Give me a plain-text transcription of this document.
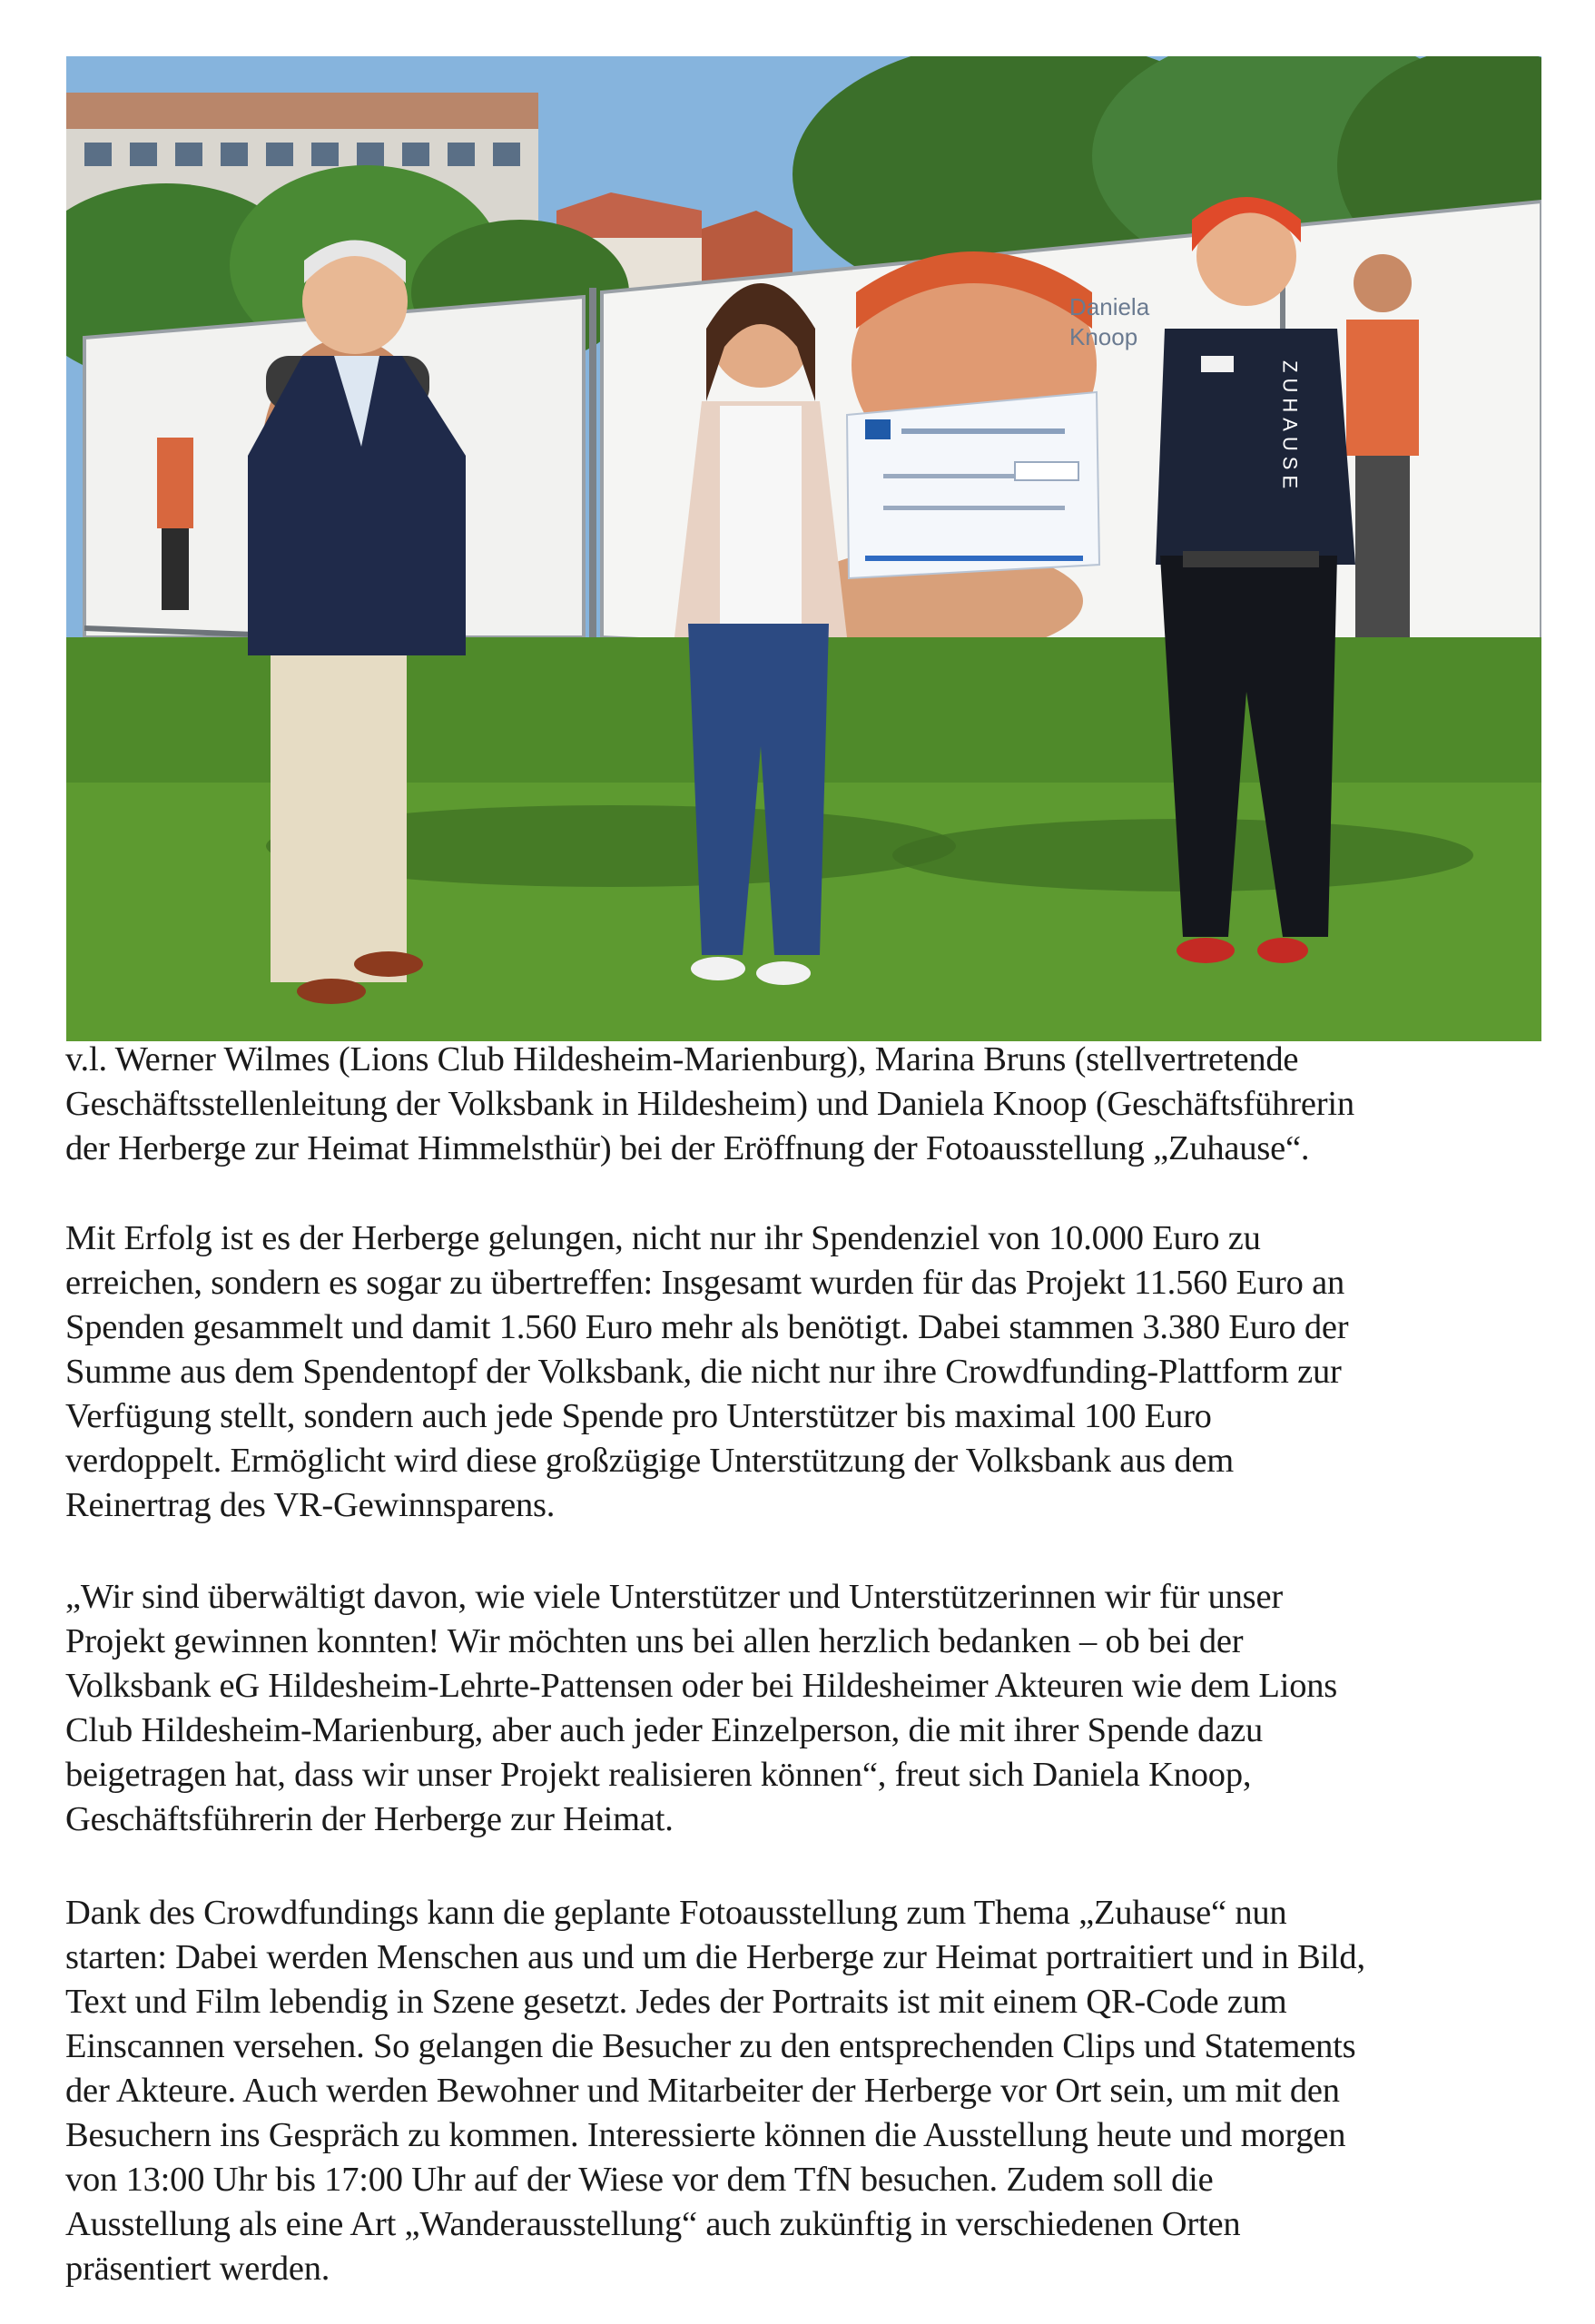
Daniela
Knoop
ZUHAUSE
v.l. Werner Wilmes (Lions Club Hildesheim-Marienburg), Marina Bruns (stellvertretende
Geschäftsstellenleitung der Volksbank in Hildesheim) und Daniela Knoop (Geschäftsführerin
der Herberge zur Heimat Himmelsthür) bei der Eröffnung der Fotoausstellung „Zuhause“.
Mit Erfolg ist es der Herberge gelungen, nicht nur ihr Spendenziel von 10.000 Euro zu
erreichen, sondern es sogar zu übertreffen: Insgesamt wurden für das Projekt 11.560 Euro an
Spenden gesammelt und damit 1.560 Euro mehr als benötigt. Dabei stammen 3.380 Euro der
Summe aus dem Spendentopf der Volksbank, die nicht nur ihre Crowdfunding-Plattform zur
Verfügung stellt, sondern auch jede Spende pro Unterstützer bis maximal 100 Euro
verdoppelt. Ermöglicht wird diese großzügige Unterstützung der Volksbank aus dem
Reinertrag des VR-Gewinnsparens.
„Wir sind überwältigt davon, wie viele Unterstützer und Unterstützerinnen wir für unser
Projekt gewinnen konnten! Wir möchten uns bei allen herzlich bedanken – ob bei der
Volksbank eG Hildesheim-Lehrte-Pattensen oder bei Hildesheimer Akteuren wie dem Lions
Club Hildesheim-Marienburg, aber auch jeder Einzelperson, die mit ihrer Spende dazu
beigetragen hat, dass wir unser Projekt realisieren können“, freut sich Daniela Knoop,
Geschäftsführerin der Herberge zur Heimat.
Dank des Crowdfundings kann die geplante Fotoausstellung zum Thema „Zuhause“ nun
starten: Dabei werden Menschen aus und um die Herberge zur Heimat portraitiert und in Bild,
Text und Film lebendig in Szene gesetzt. Jedes der Portraits ist mit einem QR-Code zum
Einscannen versehen. So gelangen die Besucher zu den entsprechenden Clips und Statements
der Akteure. Auch werden Bewohner und Mitarbeiter der Herberge vor Ort sein, um mit den
Besuchern ins Gespräch zu kommen. Interessierte können die Ausstellung heute und morgen
von 13:00 Uhr bis 17:00 Uhr auf der Wiese vor dem TfN besuchen. Zudem soll die
Ausstellung als eine Art „Wanderausstellung“ auch zukünftig in verschiedenen Orten
präsentiert werden.
